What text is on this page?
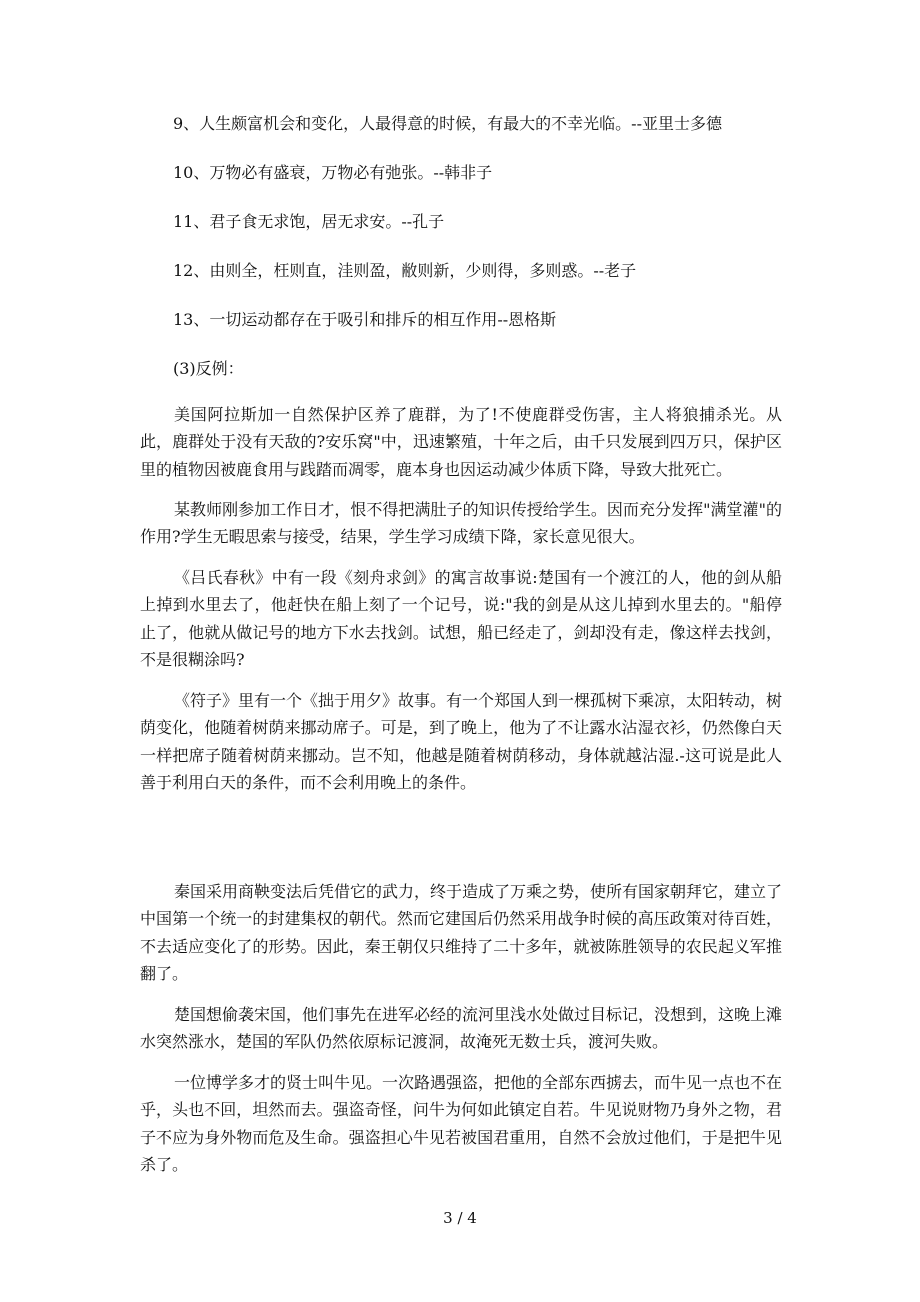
9、人生颇富机会和变化，人最得意的时候，有最大的不幸光临。--亚里士多德
10、万物必有盛衰，万物必有弛张。--韩非子
11、君子食无求饱，居无求安。--孔子
12、由则全，枉则直，洼则盈，敝则新，少则得，多则惑。--老子
13、一切运动都存在于吸引和排斥的相互作用--恩格斯
(3)反例：

美国阿拉斯加一自然保护区养了鹿群，为了!不使鹿群受伤害，主人将狼捕杀光。从此，鹿群处于没有天敌的?安乐窝"中，迅速繁殖，十年之后，由千只发展到四万只，保护区里的植物因被鹿食用与践踏而凋零，鹿本身也因运动减少体质下降，导致大批死亡。

某教师刚参加工作日才，恨不得把满肚子的知识传授给学生。因而充分发挥"满堂灌"的作用?学生无暇思索与接受，结果，学生学习成绩下降，家长意见很大。

《吕氏春秋》中有一段《刻舟求剑》的寓言故事说:楚国有一个渡江的人，他的剑从船上掉到水里去了，他赶快在船上刻了一个记号，说:"我的剑是从这儿掉到水里去的。"船停止了，他就从做记号的地方下水去找剑。试想，船已经走了，剑却没有走，像这样去找剑，不是很糊涂吗?

《符子》里有一个《拙于用夕》故事。有一个郑国人到一棵孤树下乘凉，太阳转动，树荫变化，他随着树荫来挪动席子。可是，到了晚上，他为了不让露水沾湿衣衫，仍然像白天一样把席子随着树荫来挪动。岂不知，他越是随着树荫移动，身体就越沾湿.-这可说是此人善于利用白天的条件，而不会利用晚上的条件。

秦国采用商鞅变法后凭借它的武力，终于造成了万乘之势，使所有国家朝拜它，建立了中国第一个统一的封建集权的朝代。然而它建国后仍然采用战争时候的高压政策对待百姓，不去适应变化了的形势。因此，秦王朝仅只维持了二十多年，就被陈胜领导的农民起义军推翻了。

楚国想偷袭宋国，他们事先在进军必经的流河里浅水处做过目标记，没想到，这晚上滩水突然涨水，楚国的军队仍然依原标记渡洞，故淹死无数士兵，渡河失败。

一位博学多才的贤士叫牛见。一次路遇强盗，把他的全部东西掳去，而牛见一点也不在乎，头也不回，坦然而去。强盗奇怪，问牛为何如此镇定自若。牛见说财物乃身外之物，君子不应为身外物而危及生命。强盗担心牛见若被国君重用，自然不会放过他们，于是把牛见杀了。

3 / 4
